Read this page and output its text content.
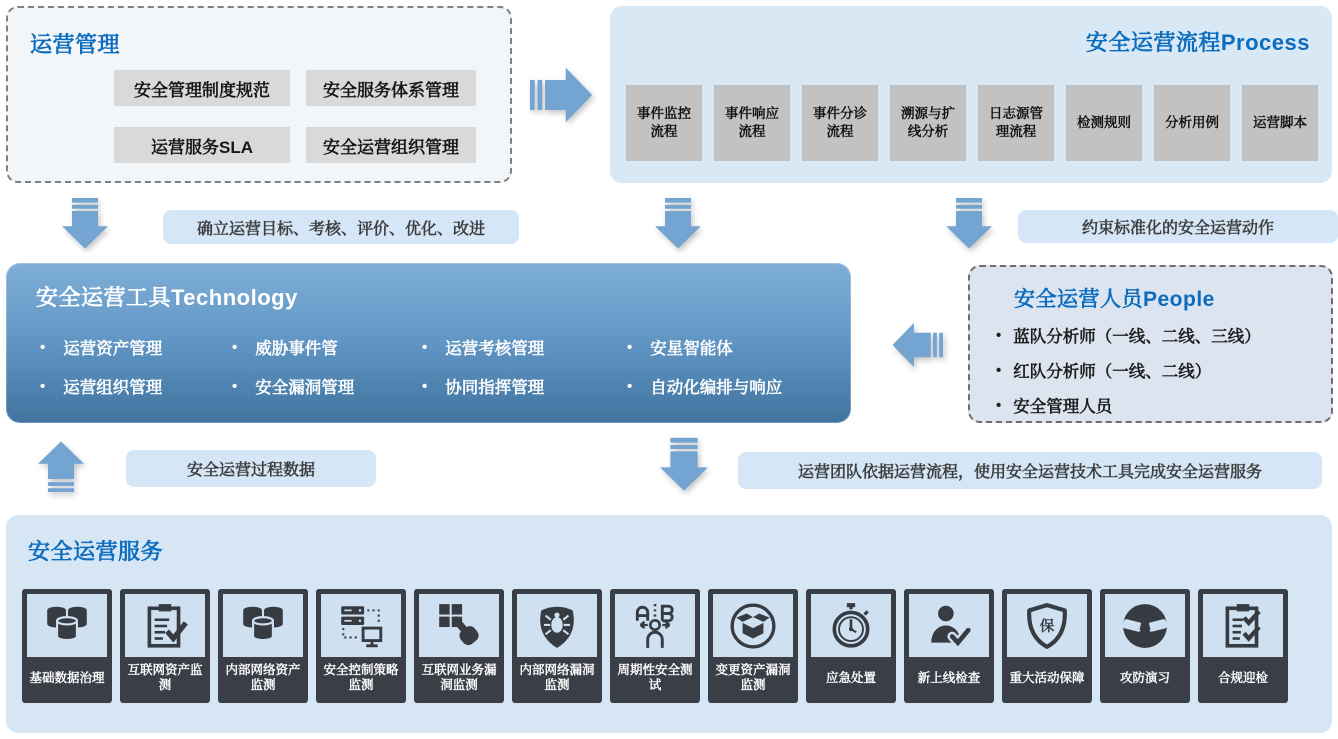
运营管理
安全管理制度规范	安全服务体系管理
运营服务SLA	安全运营组织管理
安全运营流程Process
事件监控流程
事件响应流程
事件分诊流程
溯源与扩线分析
日志源管理流程
检测规则	分析用例	运营脚本
确立运营目标、考核、评价、优化、改进	约束标准化的安全运营动作
安全运营工具Technology
• 运营资产管理
• 运营组织管理
• 威胁事件管
• 安全漏洞管理
• 运营考核管理
• 协同指挥管理
• 安星智能体
• 自动化编排与响应
安全运营人员People
• 蓝队分析师（一线、二线、三线）
• 红队分析师（一线、二线）
• 安全管理人员
安全运营过程数据	运营团队依据运营流程，使用安全运营技术工具完成安全运营服务
安全运营服务
基础数据治理
互联网资产监测
内部网络资产监测
安全控制策略监测
互联网业务漏洞监测
内部网络漏洞监测
周期性安全测试
变更资产漏洞监测
应急处置	新上线检查
保
重大活动保障	攻防演习	合规迎检
